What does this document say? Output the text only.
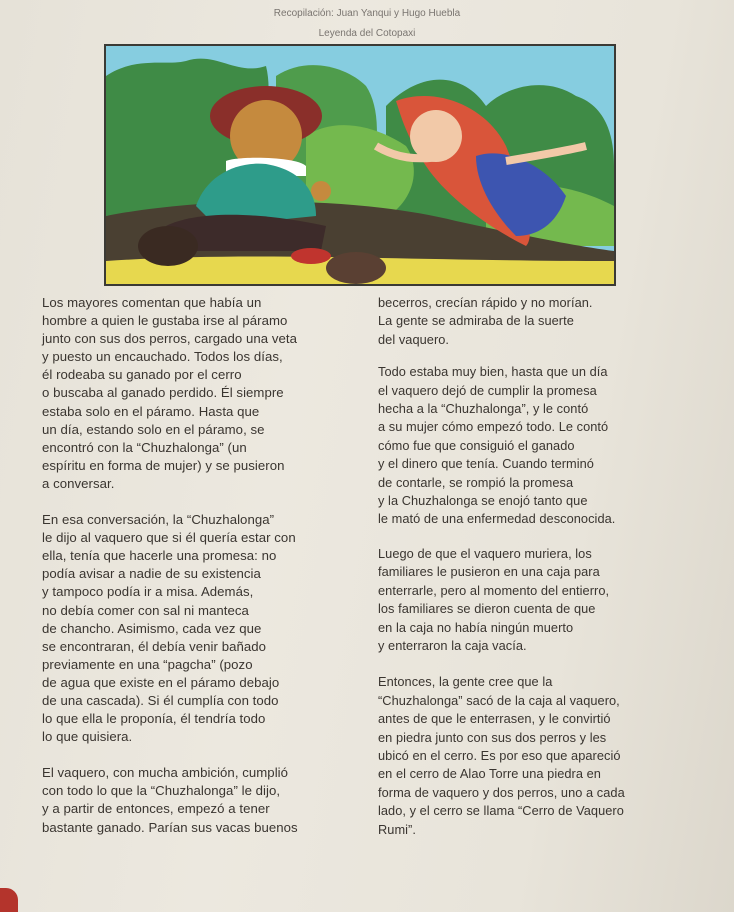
Recopilación: Juan Yanqui y Hugo Huebla
Leyenda del Cotopaxi

Los mayores comentan que había un
hombre a quien le gustaba irse al páramo
junto con sus dos perros, cargado una veta
y puesto un encauchado. Todos los días,
él rodeaba su ganado por el cerro
o buscaba al ganado perdido. Él siempre
estaba solo en el páramo. Hasta que
un día, estando solo en el páramo, se
encontró con la “Chuzhalonga” (un
espíritu en forma de mujer) y se pusieron
a conversar.

En esa conversación, la “Chuzhalonga”
le dijo al vaquero que si él quería estar con
ella, tenía que hacerle una promesa: no
podía avisar a nadie de su existencia
y tampoco podía ir a misa. Además,
no debía comer con sal ni manteca
de chancho. Asimismo, cada vez que
se encontraran, él debía venir bañado
previamente en una “pagcha” (pozo
de agua que existe en el páramo debajo
de una cascada). Si él cumplía con todo
lo que ella le proponía, él tendría todo
lo que quisiera.

El vaquero, con mucha ambición, cumplió
con todo lo que la “Chuzhalonga” le dijo,
y a partir de entonces, empezó a tener
bastante ganado. Parían sus vacas buenos

becerros, crecían rápido y no morían.
La gente se admiraba de la suerte
del vaquero.

Todo estaba muy bien, hasta que un día
el vaquero dejó de cumplir la promesa
hecha a la “Chuzhalonga”, y le contó
a su mujer cómo empezó todo. Le contó
cómo fue que consiguió el ganado
y el dinero que tenía. Cuando terminó
de contarle, se rompió la promesa
y la Chuzhalonga se enojó tanto que
le mató de una enfermedad desconocida.

Luego de que el vaquero muriera, los
familiares le pusieron en una caja para
enterrarle, pero al momento del entierro,
los familiares se dieron cuenta de que
en la caja no había ningún muerto
y enterraron la caja vacía.

Entonces, la gente cree que la
“Chuzhalonga” sacó de la caja al vaquero,
antes de que le enterrasen, y le convirtió
en piedra junto con sus dos perros y les
ubicó en el cerro. Es por eso que apareció
en el cerro de Alao Torre una piedra en
forma de vaquero y dos perros, uno a cada
lado, y el cerro se llama “Cerro de Vaquero
Rumi”.
